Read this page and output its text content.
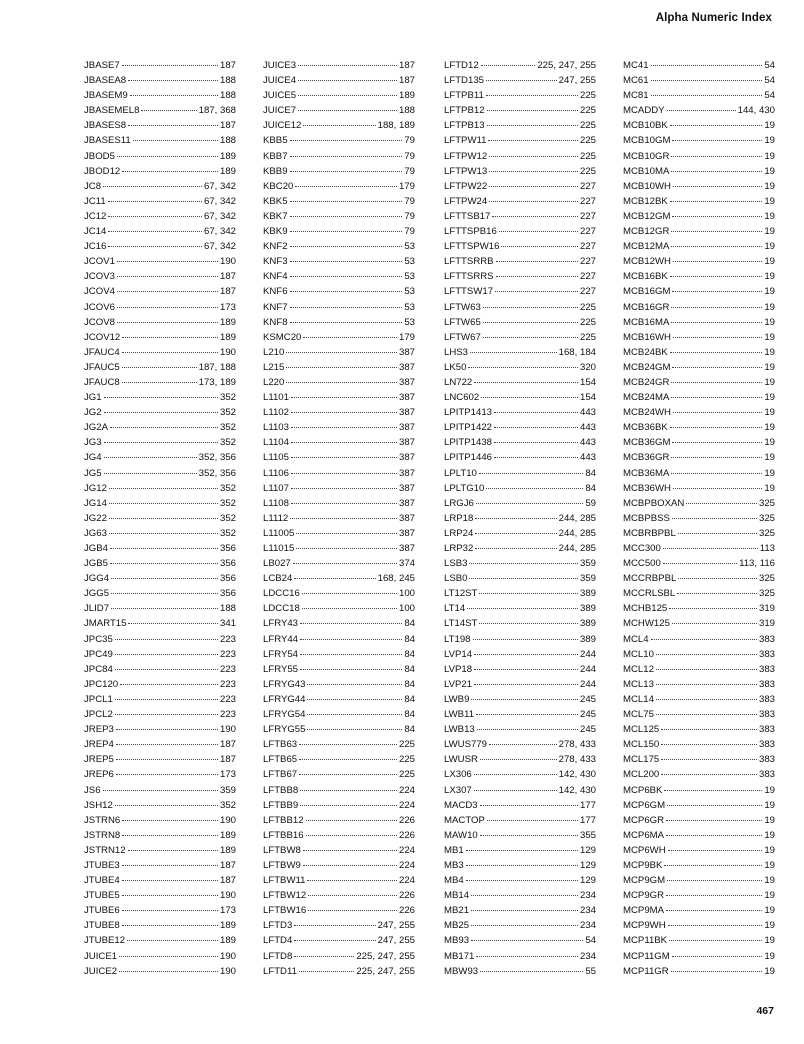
Alpha Numeric Index
JBASE7	187
JBASEA8	188
JBASEM9	188
JBASEMEL8	187, 368
JBASES8	187
JBASES11	188
JBOD5	189
JBOD12	189
JC8	67, 342
JC11	67, 342
JC12	67, 342
JC14	67, 342
JC16	67, 342
JCOV1	190
JCOV3	187
JCOV4	187
JCOV6	173
JCOV8	189
JCOV12	189
JFAUC4	190
JFAUC5	187, 188
JFAUC8	173, 189
JG1	352
JG2	352
JG2A	352
JG3	352
JG4	352, 356
JG5	352, 356
JG12	352
JG14	352
JG22	352
JG63	352
JGB4	356
JGB5	356
JGG4	356
JGG5	356
JLID7	188
JMART15	341
JPC35	223
JPC49	223
JPC84	223
JPC120	223
JPCL1	223
JPCL2	223
JREP3	190
JREP4	187
JREP5	187
JREP6	173
JS6	359
JSH12	352
JSTRN6	190
JSTRN8	189
JSTRN12	189
JTUBE3	187
JTUBE4	187
JTUBE5	190
JTUBE6	173
JTUBE8	189
JTUBE12	189
JUICE1	190
JUICE2	190
JUICE3	187
JUICE4	187
JUICE5	189
JUICE7	188
JUICE12	188, 189
KBB5	79
KBB7	79
KBB9	79
KBC20	179
KBK5	79
KBK7	79
KBK9	79
KNF2	53
KNF3	53
KNF4	53
KNF6	53
KNF7	53
KNF8	53
KSMC20	179
L210	387
L215	387
L220	387
L1101	387
L1102	387
L1103	387
L1104	387
L1105	387
L1106	387
L1107	387
L1108	387
L1112	387
L11005	387
L11015	387
LB027	374
LCB24	168, 245
LDCC16	100
LDCC18	100
LFRY43	84
LFRY44	84
LFRY54	84
LFRY55	84
LFRYG43	84
LFRYG44	84
LFRYG54	84
LFRYG55	84
LFTB63	225
LFTB65	225
LFTB67	225
LFTBB8	224
LFTBB9	224
LFTBB12	226
LFTBB16	226
LFTBW8	224
LFTBW9	224
LFTBW11	224
LFTBW12	226
LFTBW16	226
LFTD3	247, 255
LFTD4	247, 255
LFTD8	225, 247, 255
LFTD11	225, 247, 255
LFTD12	225, 247, 255
LFTD135	247, 255
LFTPB11	225
LFTPB12	225
LFTPB13	225
LFTPW11	225
LFTPW12	225
LFTPW13	225
LFTPW22	227
LFTPW24	227
LFTTSB17	227
LFTTSPB16	227
LFTTSPW16	227
LFTTSRRB	227
LFTTSRRS	227
LFTTSW17	227
LFTW63	225
LFTW65	225
LFTW67	225
LHS3	168, 184
LK50	320
LN722	154
LNC602	154
LPITP1413	443
LPITP1422	443
LPITP1438	443
LPITP1446	443
LPLT10	84
LPLTG10	84
LRGJ6	59
LRP18	244, 285
LRP24	244, 285
LRP32	244, 285
LSB3	359
LSB0	359
LT12ST	389
LT14	389
LT14ST	389
LT198	389
LVP14	244
LVP18	244
LVP21	244
LWB9	245
LWB11	245
LWB13	245
LWUS779	278, 433
LWUSR	278, 433
LX306	142, 430
LX307	142, 430
MACD3	177
MACTOP	177
MAW10	355
MB1	129
MB3	129
MB4	129
MB14	234
MB21	234
MB25	234
MB93	54
MB171	234
MBW93	55
MC41	54
MC61	54
MC81	54
MCADDY	144, 430
MCB10BK	19
MCB10GM	19
MCB10GR	19
MCB10MA	19
MCB10WH	19
MCB12BK	19
MCB12GM	19
MCB12GR	19
MCB12MA	19
MCB12WH	19
MCB16BK	19
MCB16GM	19
MCB16GR	19
MCB16MA	19
MCB16WH	19
MCB24BK	19
MCB24GM	19
MCB24GR	19
MCB24MA	19
MCB24WH	19
MCB36BK	19
MCB36GM	19
MCB36GR	19
MCB36MA	19
MCB36WH	19
MCBPBOXAN	325
MCBPBSS	325
MCBRBPBL	325
MCC300	113
MCC500	113, 116
MCCRBPBL	325
MCCRLSBL	325
MCHB125	319
MCHW125	319
MCL4	383
MCL10	383
MCL12	383
MCL13	383
MCL14	383
MCL75	383
MCL125	383
MCL150	383
MCL175	383
MCL200	383
MCP6BK	19
MCP6GM	19
MCP6GR	19
MCP6MA	19
MCP6WH	19
MCP9BK	19
MCP9GM	19
MCP9GR	19
MCP9MA	19
MCP9WH	19
MCP11BK	19
MCP11GM	19
MCP11GR	19
467
